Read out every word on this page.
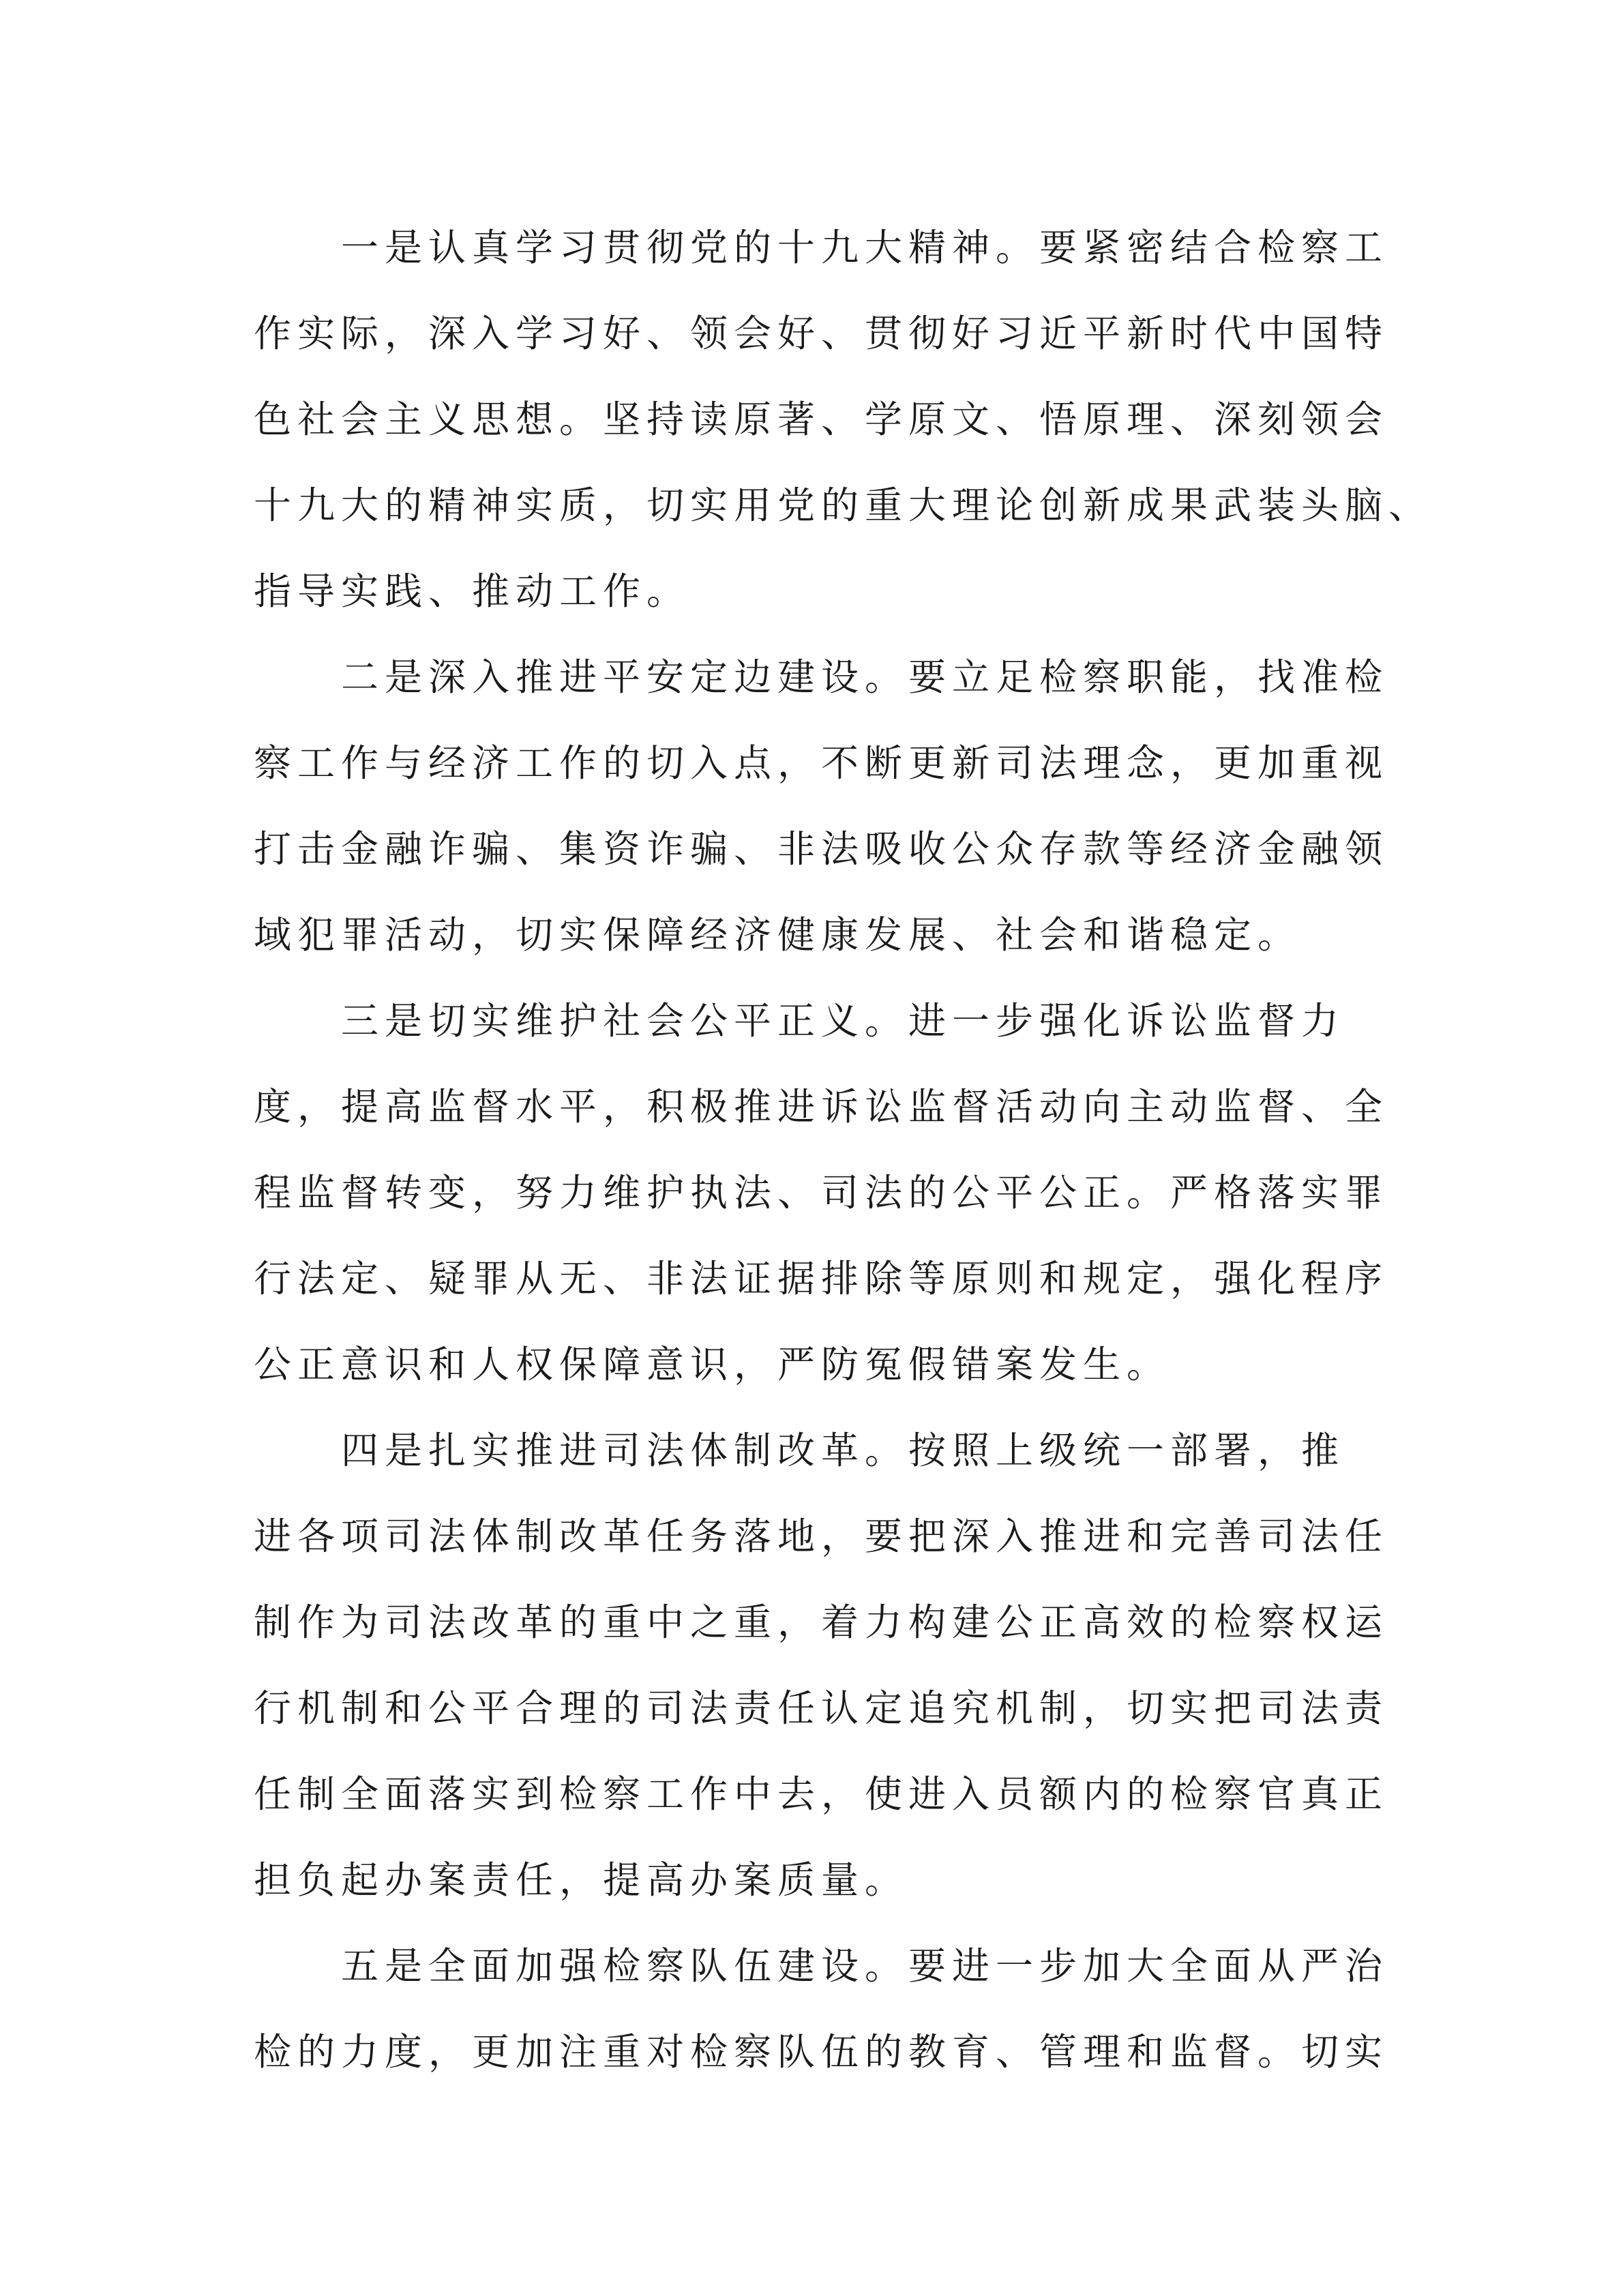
一是认真学习贯彻党的十九大精神。要紧密结合检察工
作实际，深入学习好、领会好、贯彻好习近平新时代中国特
色社会主义思想。坚持读原著、学原文、悟原理、深刻领会
十九大的精神实质，切实用党的重大理论创新成果武装头脑、
指导实践、推动工作。

二是深入推进平安定边建设。要立足检察职能，找准检
察工作与经济工作的切入点，不断更新司法理念，更加重视
打击金融诈骗、集资诈骗、非法吸收公众存款等经济金融领
域犯罪活动，切实保障经济健康发展、社会和谐稳定。

三是切实维护社会公平正义。进一步强化诉讼监督力
度，提高监督水平，积极推进诉讼监督活动向主动监督、全
程监督转变，努力维护执法、司法的公平公正。严格落实罪
行法定、疑罪从无、非法证据排除等原则和规定，强化程序
公正意识和人权保障意识，严防冤假错案发生。

四是扎实推进司法体制改革。按照上级统一部署，推
进各项司法体制改革任务落地，要把深入推进和完善司法任
制作为司法改革的重中之重，着力构建公正高效的检察权运
行机制和公平合理的司法责任认定追究机制，切实把司法责
任制全面落实到检察工作中去，使进入员额内的检察官真正
担负起办案责任，提高办案质量。

五是全面加强检察队伍建设。要进一步加大全面从严治
检的力度，更加注重对检察队伍的教育、管理和监督。切实
